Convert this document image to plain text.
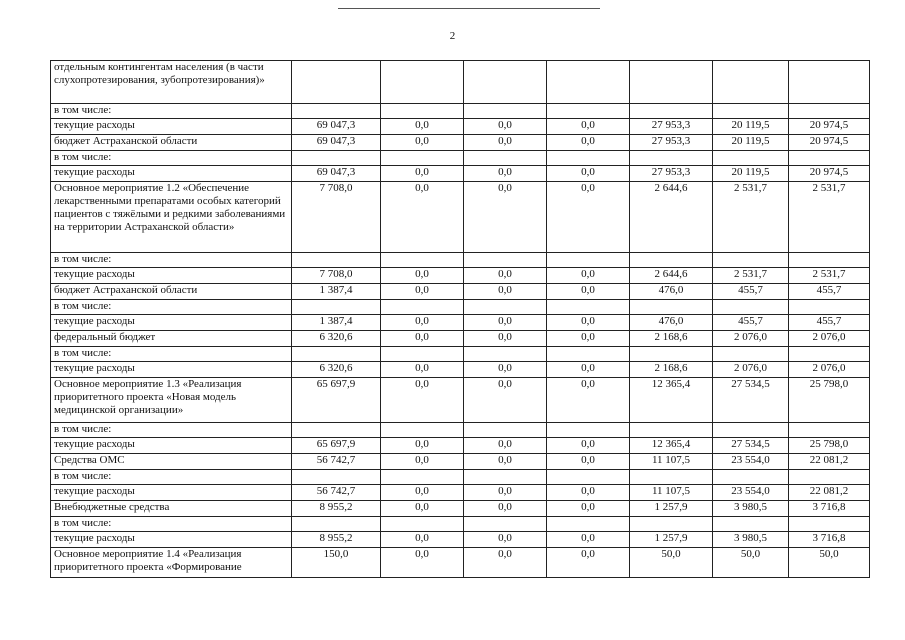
2
отдельным контингентам населения (в части слухопротезирования, зубопротезирования)»							
в том числе:							
текущие расходы	69 047,3	0,0	0,0	0,0	27 953,3	20 119,5	20 974,5
бюджет Астраханской области	69 047,3	0,0	0,0	0,0	27 953,3	20 119,5	20 974,5
в том числе:							
текущие расходы	69 047,3	0,0	0,0	0,0	27 953,3	20 119,5	20 974,5
Основное мероприятие 1.2 «Обеспечение лекарственными препаратами особых категорий пациентов с тяжёлыми и редкими заболеваниями на территории Астраханской области»	7 708,0	0,0	0,0	0,0	2 644,6	2 531,7	2 531,7
в том числе:							
текущие расходы	7 708,0	0,0	0,0	0,0	2 644,6	2 531,7	2 531,7
бюджет Астраханской области	1 387,4	0,0	0,0	0,0	476,0	455,7	455,7
в том числе:							
текущие расходы	1 387,4	0,0	0,0	0,0	476,0	455,7	455,7
федеральный бюджет	6 320,6	0,0	0,0	0,0	2 168,6	2 076,0	2 076,0
в том числе:							
текущие расходы	6 320,6	0,0	0,0	0,0	2 168,6	2 076,0	2 076,0
Основное мероприятие 1.3 «Реализация приоритетного проекта «Новая модель медицинской организации»	65 697,9	0,0	0,0	0,0	12 365,4	27 534,5	25 798,0
в том числе:							
текущие расходы	65 697,9	0,0	0,0	0,0	12 365,4	27 534,5	25 798,0
Средства ОМС	56 742,7	0,0	0,0	0,0	11 107,5	23 554,0	22 081,2
в том числе:							
текущие расходы	56 742,7	0,0	0,0	0,0	11 107,5	23 554,0	22 081,2
Внебюджетные средства	8 955,2	0,0	0,0	0,0	1 257,9	3 980,5	3 716,8
в том числе:							
текущие расходы	8 955,2	0,0	0,0	0,0	1 257,9	3 980,5	3 716,8
Основное мероприятие 1.4 «Реализация приоритетного проекта «Формирование	150,0	0,0	0,0	0,0	50,0	50,0	50,0
